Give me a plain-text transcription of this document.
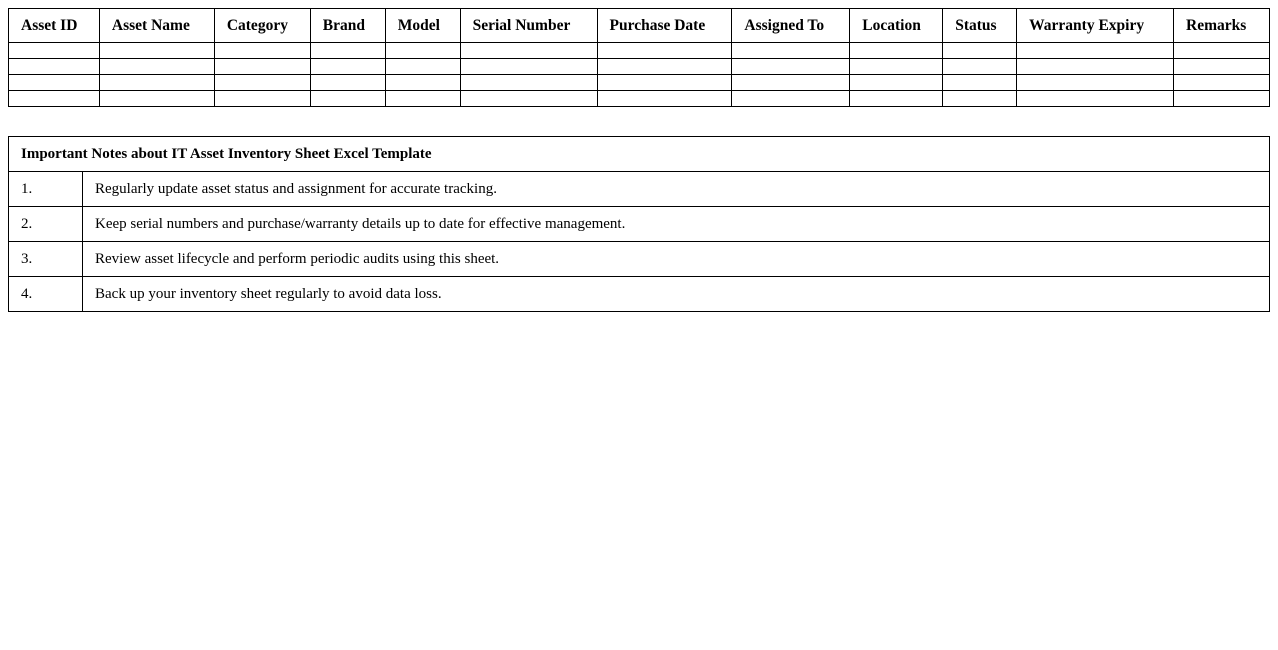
Asset ID	Asset Name	Category	Brand	Model	Serial Number	Purchase Date	Assigned To	Location	Status	Warranty Expiry	Remarks

Important Notes about IT Asset Inventory Sheet Excel Template	
1.	Regularly update asset status and assignment for accurate tracking.
2.	Keep serial numbers and purchase/warranty details up to date for effective management.
3.	Review asset lifecycle and perform periodic audits using this sheet.
4.	Back up your inventory sheet regularly to avoid data loss.
